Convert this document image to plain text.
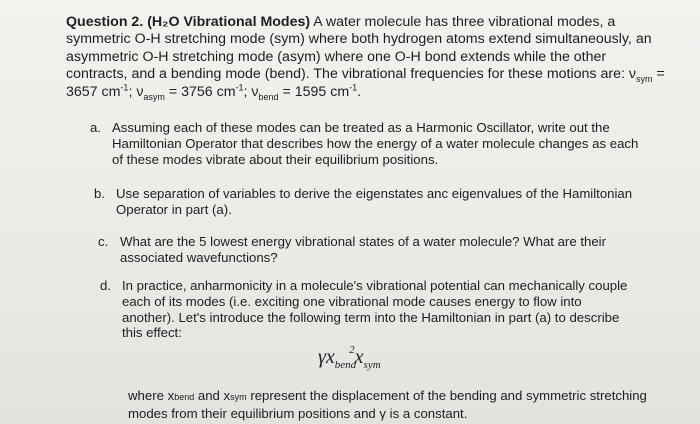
Question 2. (H₂O Vibrational Modes) A water molecule has three vibrational modes, a symmetric O-H stretching mode (sym) where both hydrogen atoms extend simultaneously, an asymmetric O-H stretching mode (asym) where one O-H bond extends while the other contracts, and a bending mode (bend). The vibrational frequencies for these motions are: $\nu_{sym} = 3657$ $cm^{-1}$; $\nu_{asym} = 3756$ $cm^{-1}$; $\nu_{bend} = 1595$ $cm^{-1}$.
a. Assuming each of these modes can be treated as a Harmonic Oscillator, write out the Hamiltonian Operator that describes how the energy of a water molecule changes as each of these modes vibrate about their equilibrium positions.
b. Use separation of variables to derive the eigenstates anc eigenvalues of the Hamiltonian Operator in part (a).
c. What are the 5 lowest energy vibrational states of a water molecule? What are their associated wavefunctions?
d. In practice, anharmonicity in a molecule's vibrational potential can mechanically couple each of its modes (i.e. exciting one vibrational mode causes energy to flow into another). Let's introduce the following term into the Hamiltonian in part (a) to describe this effect:
$\gamma x_{bend}^2x_{sym}$
where xbend and xsym represent the displacement of the bending and symmetric stretching modes from their equilibrium positions and γ is a constant.
